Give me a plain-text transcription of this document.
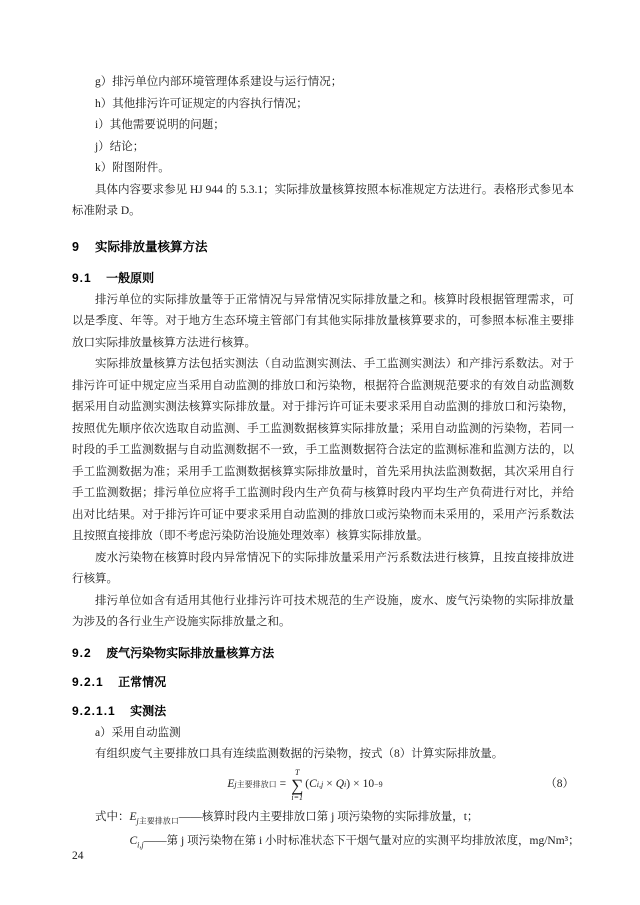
g）排污单位内部环境管理体系建设与运行情况；
h）其他排污许可证规定的内容执行情况；
i）其他需要说明的问题；
j）结论；
k）附图附件。

具体内容要求参见 HJ 944 的 5.3.1；实际排放量核算按照本标准规定方法进行。表格形式参见本标准附录 D。

9 实际排放量核算方法
9.1 一般原则

排污单位的实际排放量等于正常情况与异常情况实际排放量之和。核算时段根据管理需求，可以是季度、年等。对于地方生态环境主管部门有其他实际排放量核算要求的，可参照本标准主要排放口实际排放量核算方法进行核算。

实际排放量核算方法包括实测法（自动监测实测法、手工监测实测法）和产排污系数法。对于排污许可证中规定应当采用自动监测的排放口和污染物，根据符合监测规范要求的有效自动监测数据采用自动监测实测法核算实际排放量。对于排污许可证未要求采用自动监测的排放口和污染物，按照优先顺序依次选取自动监测、手工监测数据核算实际排放量；采用自动监测的污染物，若同一时段的手工监测数据与自动监测数据不一致，手工监测数据符合法定的监测标准和监测方法的，以手工监测数据为准；采用手工监测数据核算实际排放量时，首先采用执法监测数据，其次采用自行手工监测数据；排污单位应将手工监测时段内生产负荷与核算时段内平均生产负荷进行对比，并给出对比结果。对于排污许可证中要求采用自动监测的排放口或污染物而未采用的，采用产污系数法且按照直接排放（即不考虑污染防治设施处理效率）核算实际排放量。

废水污染物在核算时段内异常情况下的实际排放量采用产污系数法进行核算，且按直接排放进行核算。

排污单位如含有适用其他行业排污许可技术规范的生产设施，废水、废气污染物的实际排放量为涉及的各行业生产设施实际排放量之和。

9.2 废气污染物实际排放量核算方法
9.2.1 正常情况
9.2.1.1 实测法
a）采用自动监测

有组织废气主要排放口具有连续监测数据的污染物，按式（8）计算实际排放量。

E j主要排放口 =
T
∑
i=1
( C i,j × Q i ) × 10 −9	（8）
式中：$E_{j主要排放口}——$核算时段内主要排放口第 j 项污染物的实际排放量，t；
$C_{i,j}——$第 j 项污染物在第 i 小时标准状态下干烟气量对应的实测平均排放浓度，mg/Nm³；
24
